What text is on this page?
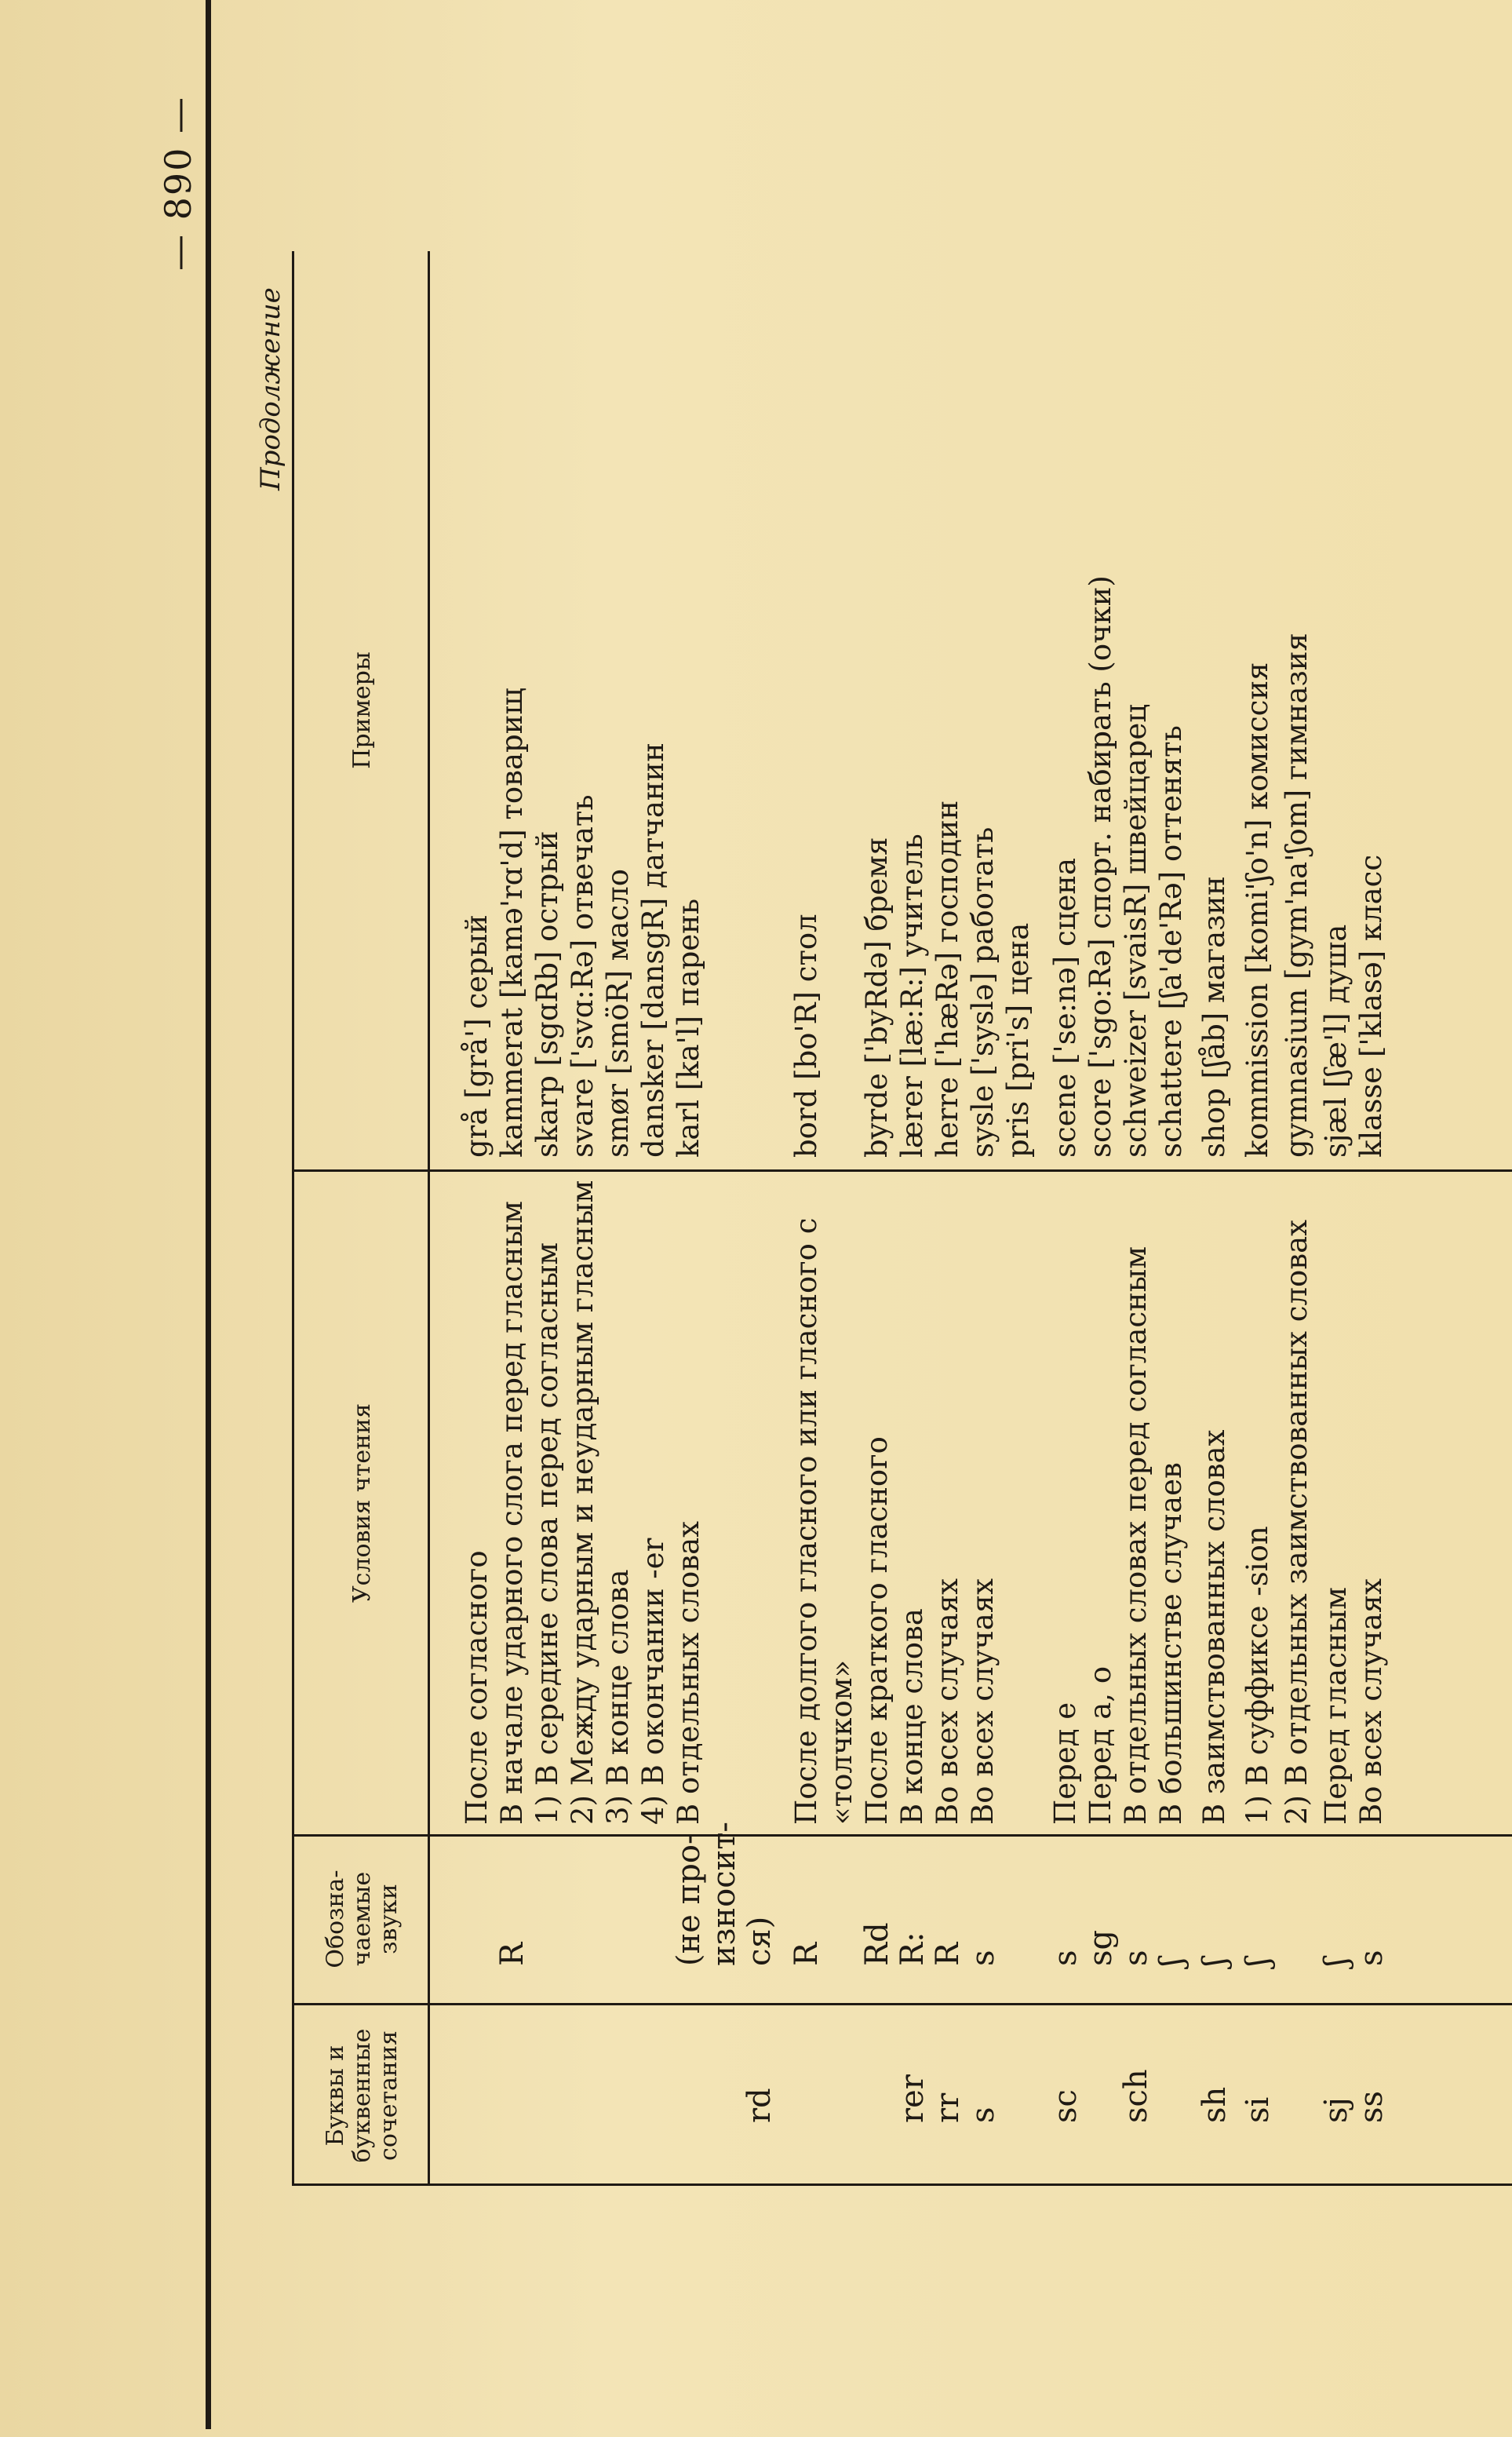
— 890 —
Продолжение
Буквы и буквенные сочетания
Обозна- чаемые звуки
Условия чтения
Примеры
После согласного
grå [grå'] серый
R
В начале ударного слога перед гласным
kammerat [kamə'rɑ'd] товарищ
1) В середине слова перед согласным
skarp [sgɑRb] острый
2) Между ударным и неударным гласным
svare ['svɑ:Rə] отвечать
3) В конце слова
smør [smöR] масло
4) В окончании -er
dansker [dansgR] датчанин
(не про-
В отдельных словах
karl [ka'l] парень
износит-
rd
ся) R
После долгого гласного или гласного с
bord [bo'R] стол
«толчком»
Rd
После краткого гласного
byrde ['byRdə] бремя
rer
R:
В конце слова
lærer [læ:R:] учитель
rr
R
Во всех случаях
herre ['hæRə] господин
s
s
Во всех случаях
sysle ['syslə] работать pris [pri's] цена
sc
s
Перед e
scene ['se:nə] сцена
sg
Перед a, o
score ['sgo:Rə] спорт. набирать (очки)
sch
s
В отдельных словах перед согласным
schweizer [svaisR] швейцарец
ʃ
В большинстве случаев
schattere [ʃa'de'Rə] оттенять
sh
ʃ
В заимствованных словах
shop [ʃåb] магазин
si
ʃ
1) В суффиксе -sion
kommission [komi'ʃo'n] комиссия
2) В отдельных заимствованных словах
gymnasium [gym'na'ʃom] гимназия
sj
ʃ
Перед гласным
sjæl [ʃæ'l] душа
ss
s
Во всех случаях
klasse ['klasə] класс
